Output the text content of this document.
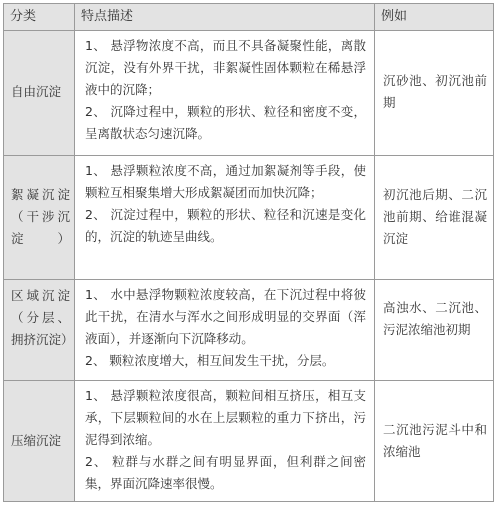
分类	特点描述	例如
自由沉淀

1、 悬浮物浓度不高，而且不具备凝聚性能，离散沉淀，没有外界干扰，非絮凝性固体颗粒在稀悬浮液中的沉降；

2、 沉降过程中，颗粒的形状、粒径和密度不变，呈离散状态匀速沉降。

沉砂池、初沉池前期
絮凝沉淀（干涉沉淀）

1、 悬浮颗粒浓度不高，通过加絮凝剂等手段，使颗粒互相聚集增大形成絮凝团而加快沉降；

2、 沉淀过程中，颗粒的形状、粒径和沉速是变化的，沉淀的轨迹呈曲线。

初沉池后期、二沉池前期、给谁混凝沉淀
区域沉淀（分层、拥挤沉淀）

1、 水中悬浮物颗粒浓度较高，在下沉过程中将彼此干扰，在清水与浑水之间形成明显的交界面（浑液面），并逐渐向下沉降移动。

2、 颗粒浓度增大，相互间发生干扰，分层。

高浊水、二沉池、污泥浓缩池初期
压缩沉淀

1、 悬浮颗粒浓度很高，颗粒间相互挤压，相互支承，下层颗粒间的水在上层颗粒的重力下挤出，污泥得到浓缩。

2、 粒群与水群之间有明显界面，但利群之间密集，界面沉降速率很慢。

二沉池污泥斗中和浓缩池
